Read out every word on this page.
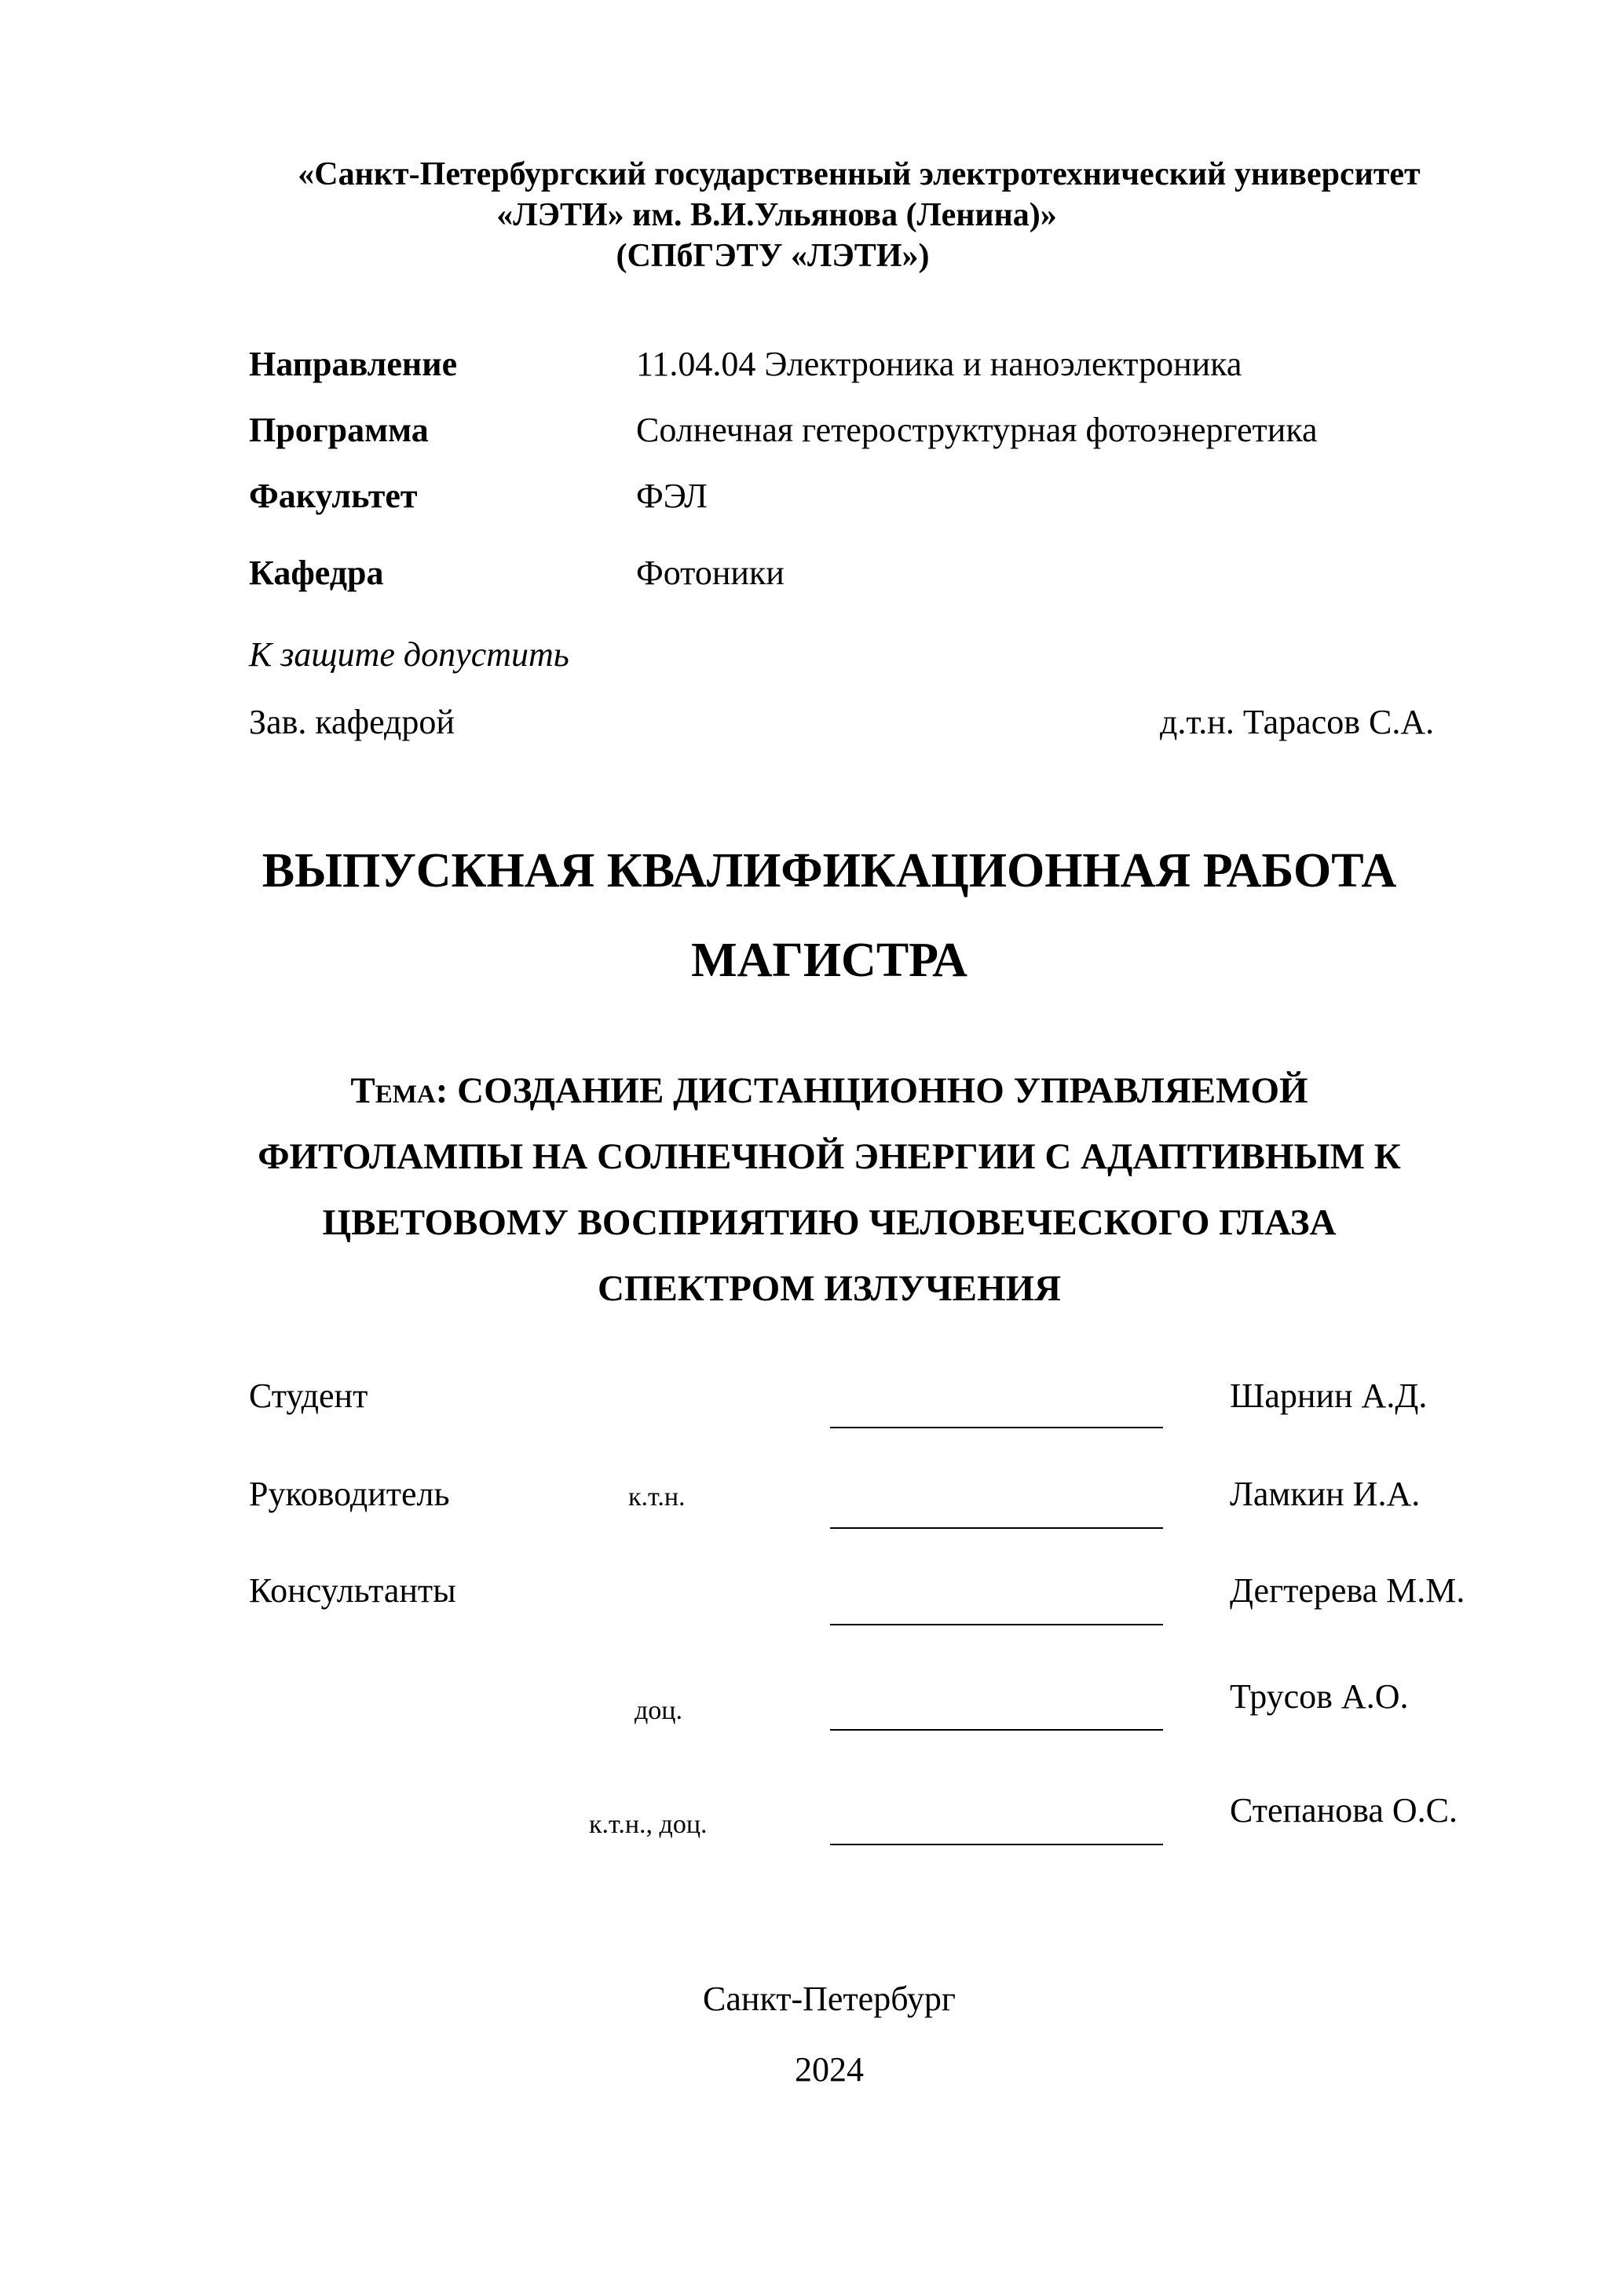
«Санкт-Петербургский государственный электротехнический университет
«ЛЭТИ» им. В.И.Ульянова (Ленина)»
(СПбГЭТУ «ЛЭТИ»)
Направление	11.04.04 Электроника и наноэлектроника
Программа	Солнечная гетероструктурная фотоэнергетика
Факультет	ФЭЛ
Кафедра	Фотоники
К защите допустить
Зав. кафедрой	д.т.н. Тарасов С.А.
ВЫПУСКНАЯ КВАЛИФИКАЦИОННАЯ РАБОТА
МАГИСТРА
Тема: СОЗДАНИЕ ДИСТАНЦИОННО УПРАВЛЯЕМОЙ
ФИТОЛАМПЫ НА СОЛНЕЧНОЙ ЭНЕРГИИ С АДАПТИВНЫМ К
ЦВЕТОВОМУ ВОСПРИЯТИЮ ЧЕЛОВЕЧЕСКОГО ГЛАЗА
СПЕКТРОМ ИЗЛУЧЕНИЯ
Студент	Шарнин А.Д.
Руководитель	к.т.н.	Ламкин И.А.
Консультанты	Дегтерева М.М.
доц.	Трусов А.О.
к.т.н., доц.	Степанова О.С.
Санкт-Петербург
2024
